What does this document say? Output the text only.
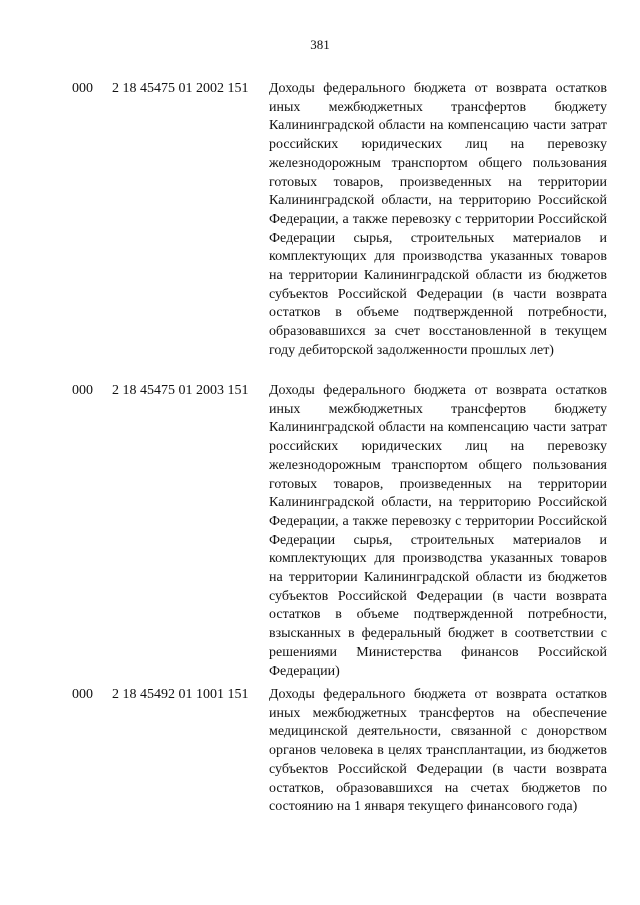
381
000 2 18 45475 01 2002 151 Доходы федерального бюджета от возврата остатков иных межбюджетных трансфертов бюджету Калининградской области на компенсацию части затрат российских юридических лиц на перевозку железнодорожным транспортом общего пользования готовых товаров, произведенных на территории Калининградской области, на территорию Российской Федерации, а также перевозку с территории Российской Федерации сырья, строительных материалов и комплектующих для производства указанных товаров на территории Калининградской области из бюджетов субъектов Российской Федерации (в части возврата остатков в объеме подтвержденной потребности, образовавшихся за счет восстановленной в текущем году дебиторской задолженности прошлых лет)
000 2 18 45475 01 2003 151 Доходы федерального бюджета от возврата остатков иных межбюджетных трансфертов бюджету Калининградской области на компенсацию части затрат российских юридических лиц на перевозку железнодорожным транспортом общего пользования готовых товаров, произведенных на территории Калининградской области, на территорию Российской Федерации, а также перевозку с территории Российской Федерации сырья, строительных материалов и комплектующих для производства указанных товаров на территории Калининградской области из бюджетов субъектов Российской Федерации (в части возврата остатков в объеме подтвержденной потребности, взысканных в федеральный бюджет в соответствии с решениями Министерства финансов Российской Федерации)
000 2 18 45492 01 1001 151 Доходы федерального бюджета от возврата остатков иных межбюджетных трансфертов на обеспечение медицинской деятельности, связанной с донорством органов человека в целях трансплантации, из бюджетов субъектов Российской Федерации (в части возврата остатков, образовавшихся на счетах бюджетов по состоянию на 1 января текущего финансового года)
